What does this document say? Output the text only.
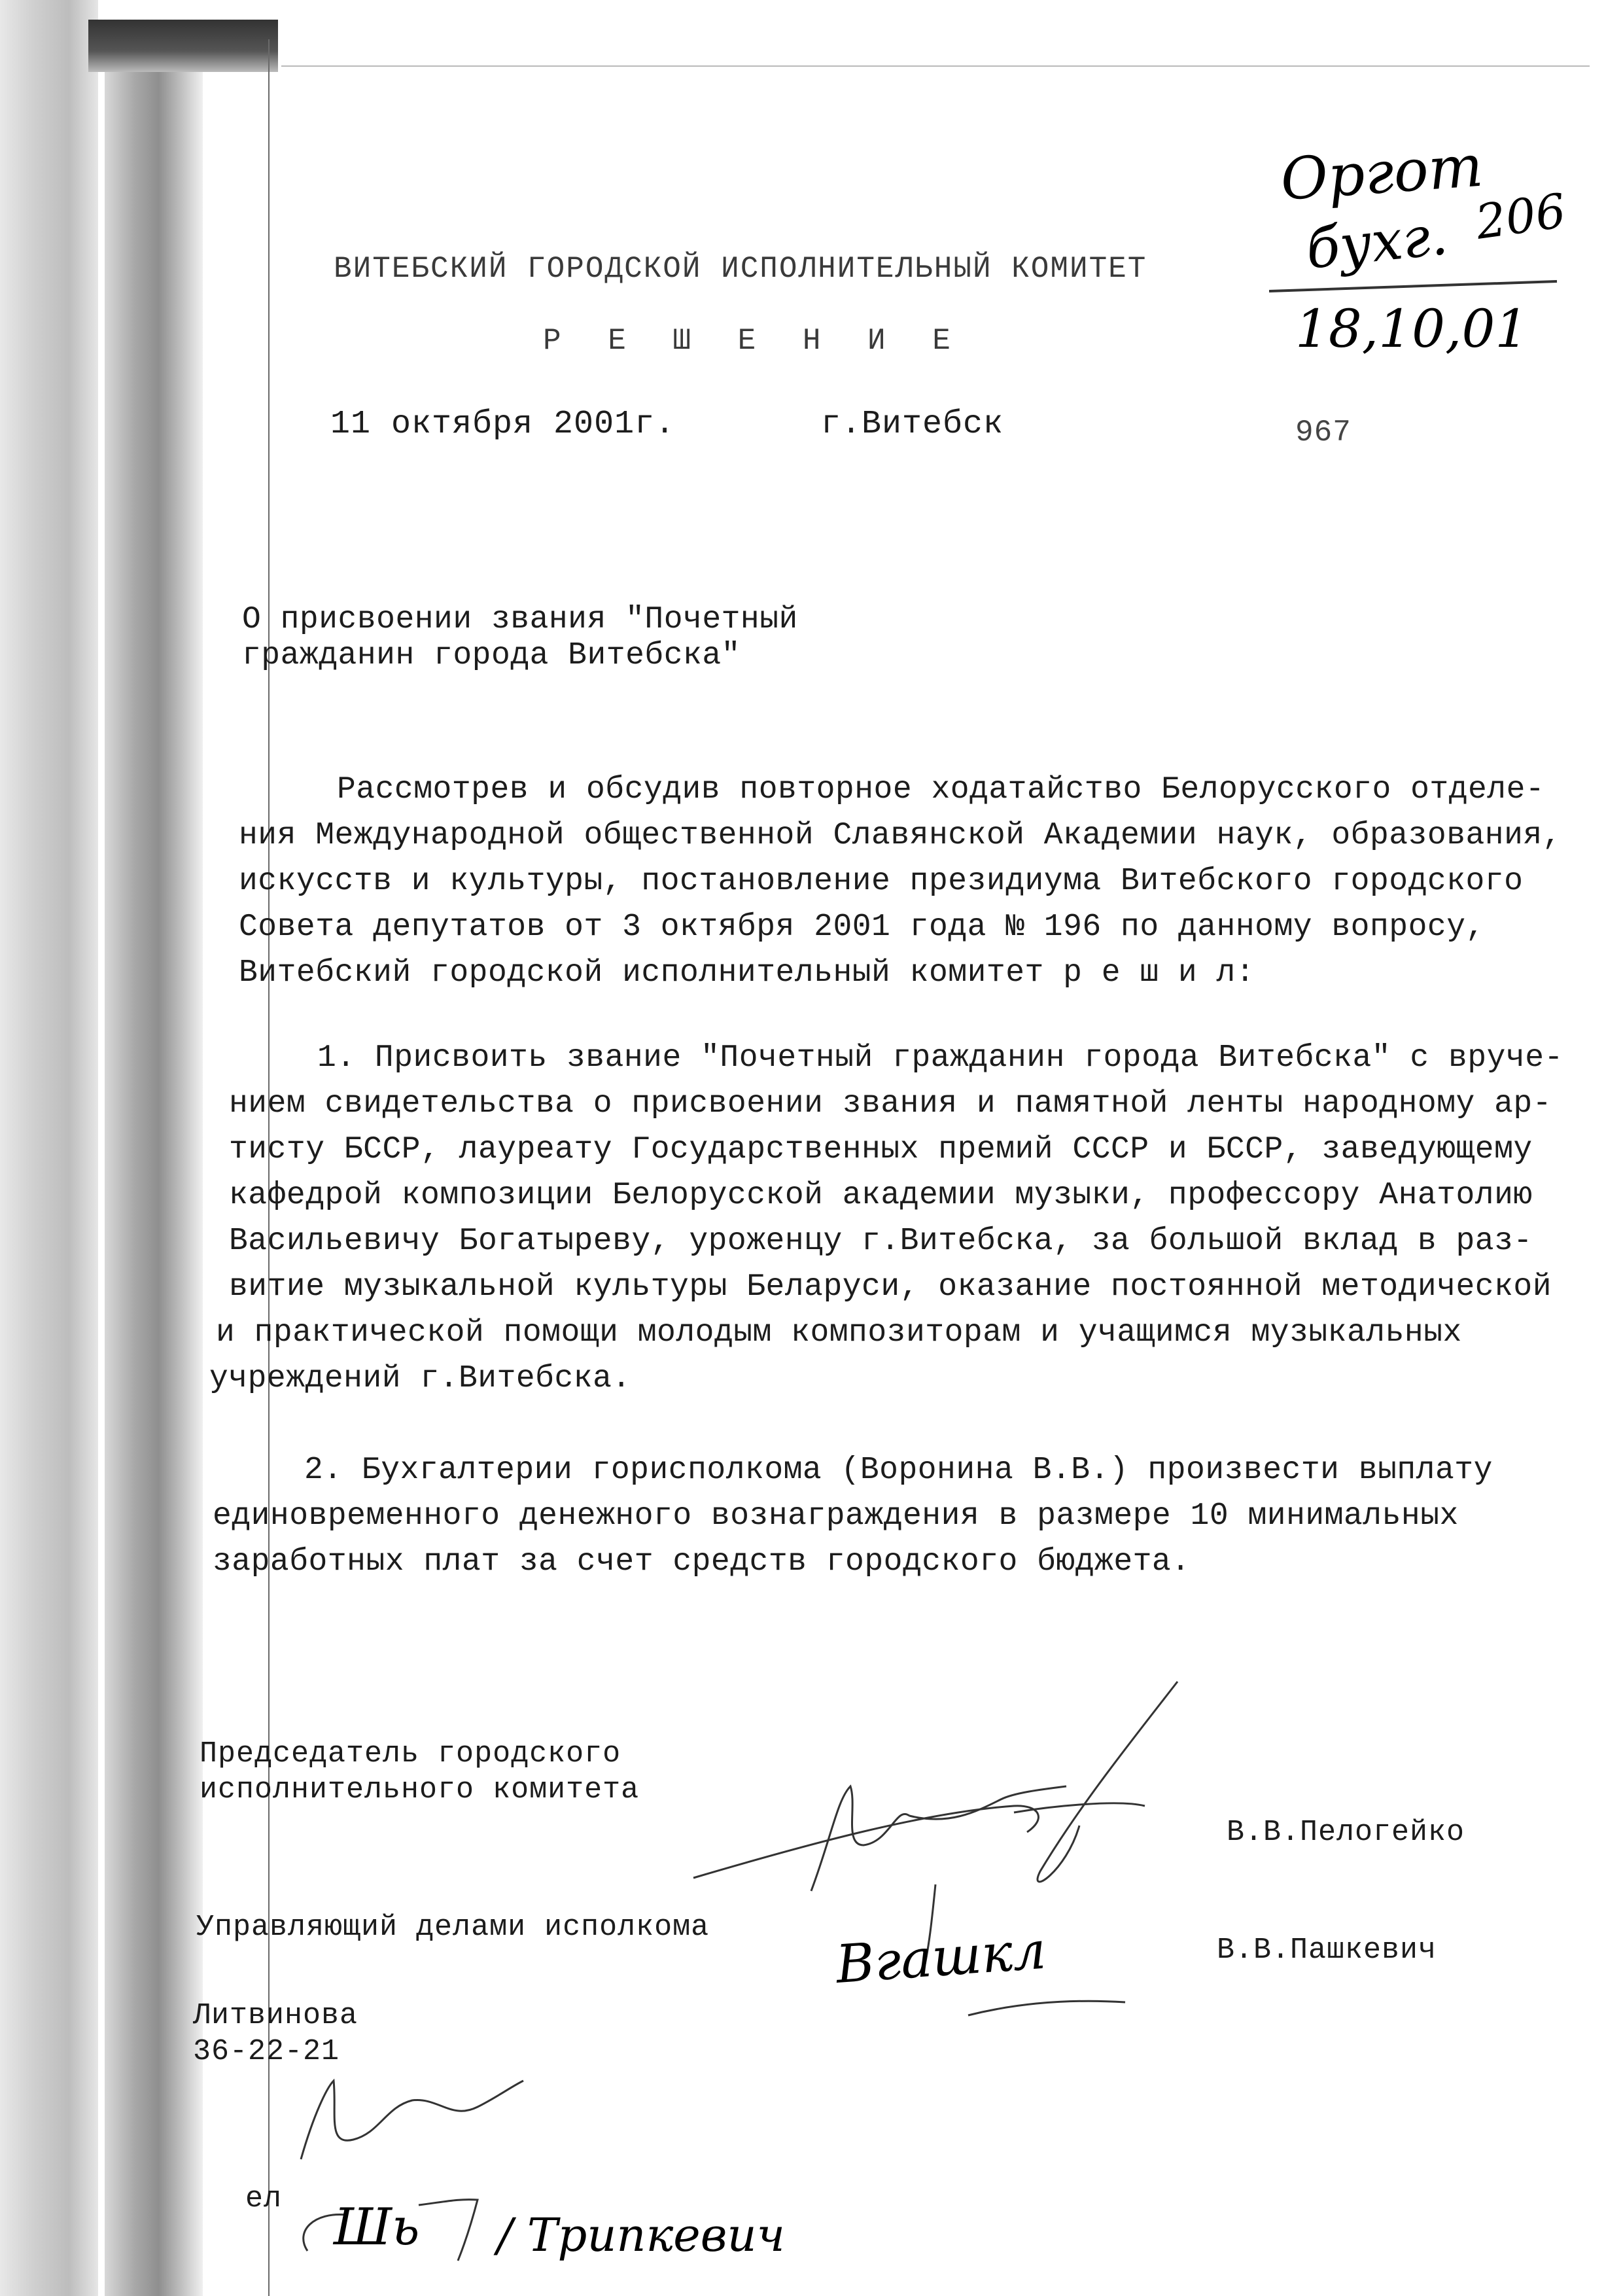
Оргот
бухг. 206
18,10,01
ВИТЕБСКИЙ ГОРОДСКОЙ ИСПОЛНИТЕЛЬНЫЙ КОМИТЕТ
Р Е Ш Е Н И Е
11 октября 2001г.	г.Витебск	967
О присвоении звания "Почетный
гражданин города Витебска"
Рассмотрев и обсудив повторное ходатайство Белорусского отделе-
ния Международной общественной Славянской Академии наук, образования,
искусств и культуры, постановление президиума Витебского городского
Совета депутатов от 3 октября 2001 года № 196 по данному вопросу,
Витебский городской исполнительный комитет р е ш и л:
1. Присвоить звание "Почетный гражданин города Витебска" с вруче-
нием свидетельства о присвоении звания и памятной ленты народному ар-
тисту БССР, лауреату Государственных премий СССР и БССР, заведующему
кафедрой композиции Белорусской академии музыки, профессору Анатолию
Васильевичу Богатыреву, уроженцу г.Витебска, за большой вклад в раз-
витие музыкальной культуры Беларуси, оказание постоянной методической
и практической помощи молодым композиторам и учащимся музыкальных
учреждений г.Витебска.
2. Бухгалтерии горисполкома (Воронина В.В.) произвести выплату
единовременного денежного вознаграждения в размере 10 минимальных
заработных плат за счет средств городского бюджета.
Председатель городского
исполнительного комитета
В.В.Пелогейко
Управляющий делами исполкома
В.В.Пашкевич
Вгашкл
Литвинова
36-22-21
ел Шь / Трипкевич
